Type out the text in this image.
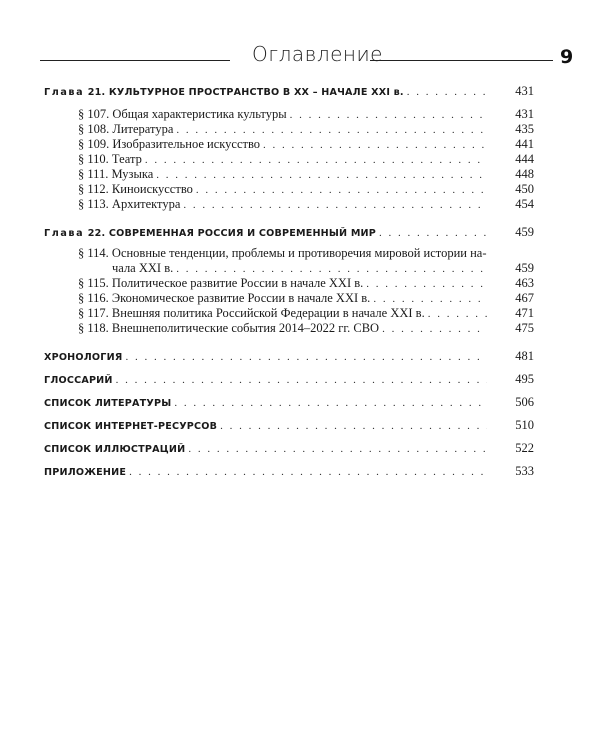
Оглавление	9
Глава 21. КУЛЬТУРНОЕ ПРОСТРАНСТВО В XX – НАЧАЛЕ XXI в. . . .	431
§ 107. Общая характеристика культуры . . .	431
§ 108. Литература . . .	435
§ 109. Изобразительное искусство . . .	441
§ 110. Театр . . .	444
§ 111. Музыка . . .	448
§ 112. Киноискусство . . .	450
§ 113. Архитектура . . .	454
Глава 22. СОВРЕМЕННАЯ РОССИЯ И СОВРЕМЕННЫЙ МИР . . .	459
§ 114. Основные тенденции, проблемы и противоречия мировой истории на-
чала XXI в. . . .	459
§ 115. Политическое развитие России в начале XXI в. . . .	463
§ 116. Экономическое развитие России в начале XXI в. . . .	467
§ 117. Внешняя политика Российской Федерации в начале XXI в. . . .	471
§ 118. Внешнеполитические события 2014–2022 гг. СВО . . .	475
ХРОНОЛОГИЯ . . .	481
ГЛОССАРИЙ . . .	495
СПИСОК ЛИТЕРАТУРЫ . . .	506
СПИСОК ИНТЕРНЕТ-РЕСУРСОВ . . .	510
СПИСОК ИЛЛЮСТРАЦИЙ . . .	522
ПРИЛОЖЕНИЕ . . .	533
